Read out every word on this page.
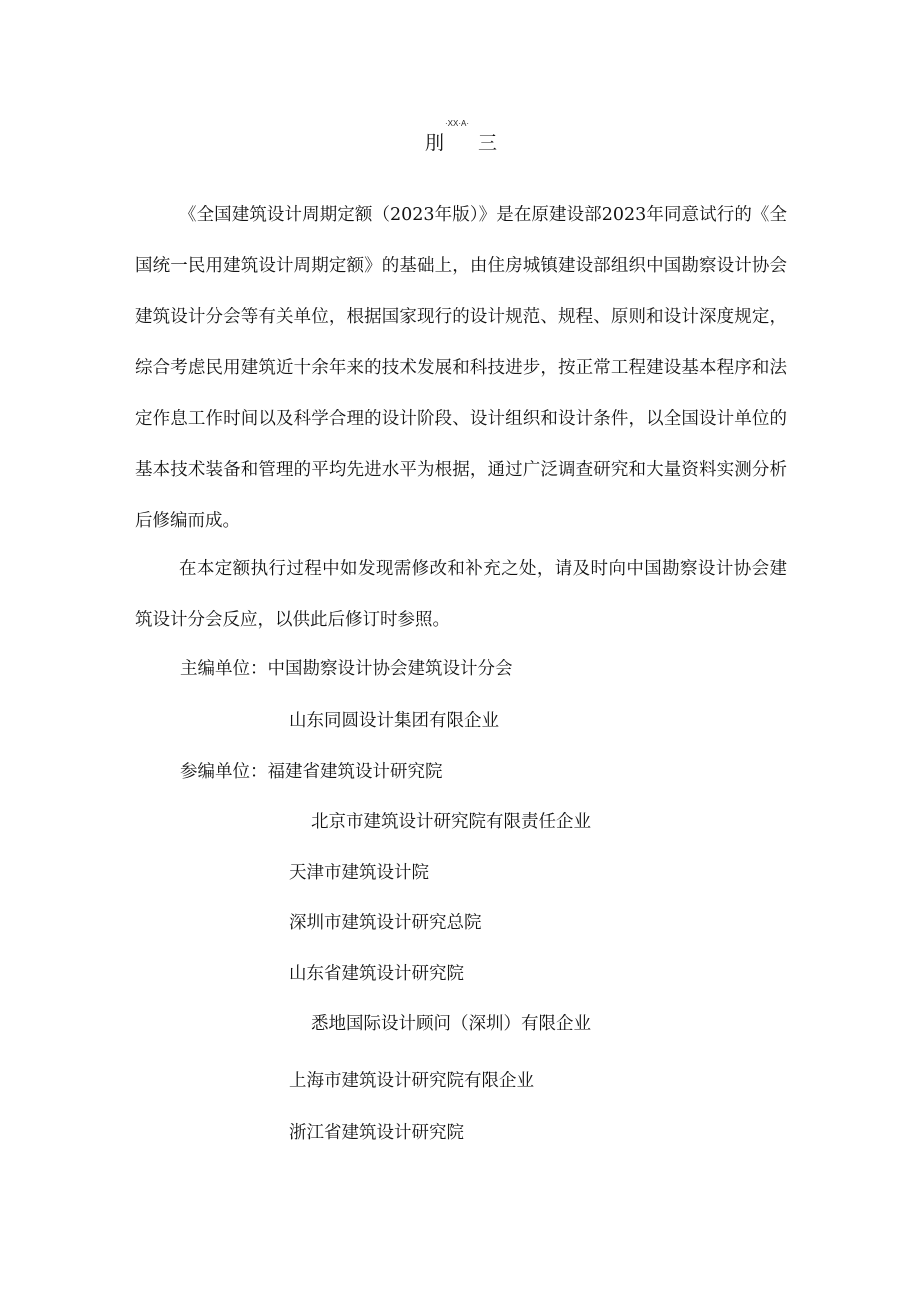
·XX·A·
刖 三

《全国建筑设计周期定额（2023年版）》是在原建设部2023年同意试行的《全国统一民用建筑设计周期定额》的基础上，由住房城镇建设部组织中国勘察设计协会建筑设计分会等有关单位，根据国家现行的设计规范、规程、原则和设计深度规定，综合考虑民用建筑近十余年来的技术发展和科技进步，按正常工程建设基本程序和法定作息工作时间以及科学合理的设计阶段、设计组织和设计条件，以全国设计单位的基本技术装备和管理的平均先进水平为根据，通过广泛调查研究和大量资料实测分析后修编而成。

在本定额执行过程中如发现需修改和补充之处，请及时向中国勘察设计协会建筑设计分会反应，以供此后修订时参照。

主编单位：中国勘察设计协会建筑设计分会
山东同圆设计集团有限企业
参编单位：福建省建筑设计研究院
北京市建筑设计研究院有限责任企业
天津市建筑设计院
深圳市建筑设计研究总院
山东省建筑设计研究院
悉地国际设计顾问（深圳）有限企业
上海市建筑设计研究院有限企业
浙江省建筑设计研究院
